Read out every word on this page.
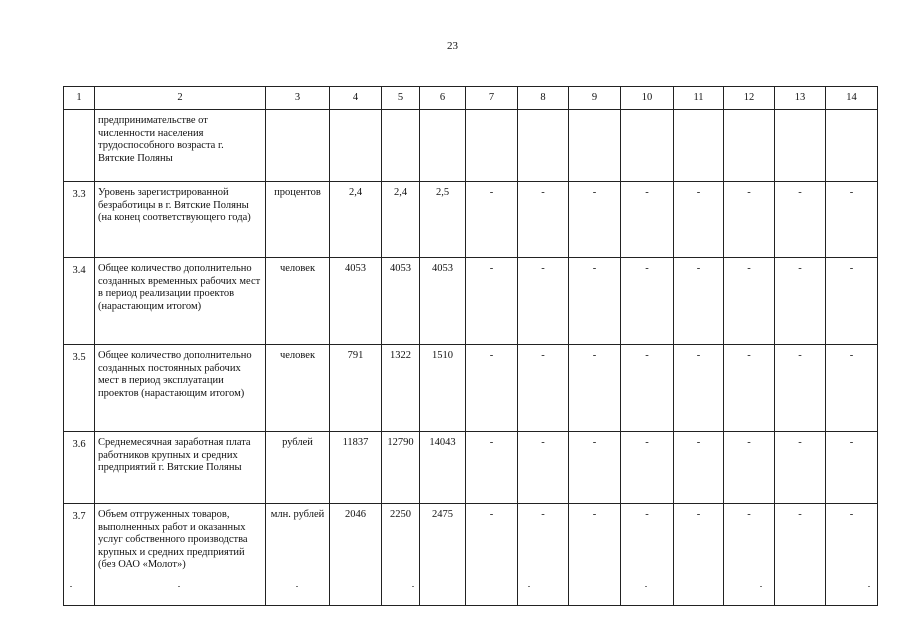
23
1	2	3	4	5	6	7	8	9	10	11	12	13	14
	предпринимательстве от численности населения трудоспособного возраста г. Вятские Поляны												
3.3	Уровень зарегистрированной безработицы в г. Вятские Поляны (на конец соответствующего года)	процентов	2,4	2,4	2,5	-	-	-	-	-	-	-	-
3.4	Общее количество дополнительно созданных временных рабочих мест в период реализации проектов (нарастающим итогом)	человек	4053	4053	4053	-	-	-	-	-	-	-	-
3.5	Общее количество дополнительно созданных постоянных рабочих мест в период эксплуатации проектов (нарастающим итогом)	человек	791	1322	1510	-	-	-	-	-	-	-	-
3.6	Среднемесячная заработная плата работников крупных и средних предприятий г. Вятские Поляны	рублей	11837	12790	14043	-	-	-	-	-	-	-	-
3.7	Объем отгруженных товаров, выполненных работ и оказанных услуг собственного производства крупных и средних предприятий (без ОАО «Молот»)	млн. рублей	2046	2250	2475	-	-	-	-	-	-	-	-
